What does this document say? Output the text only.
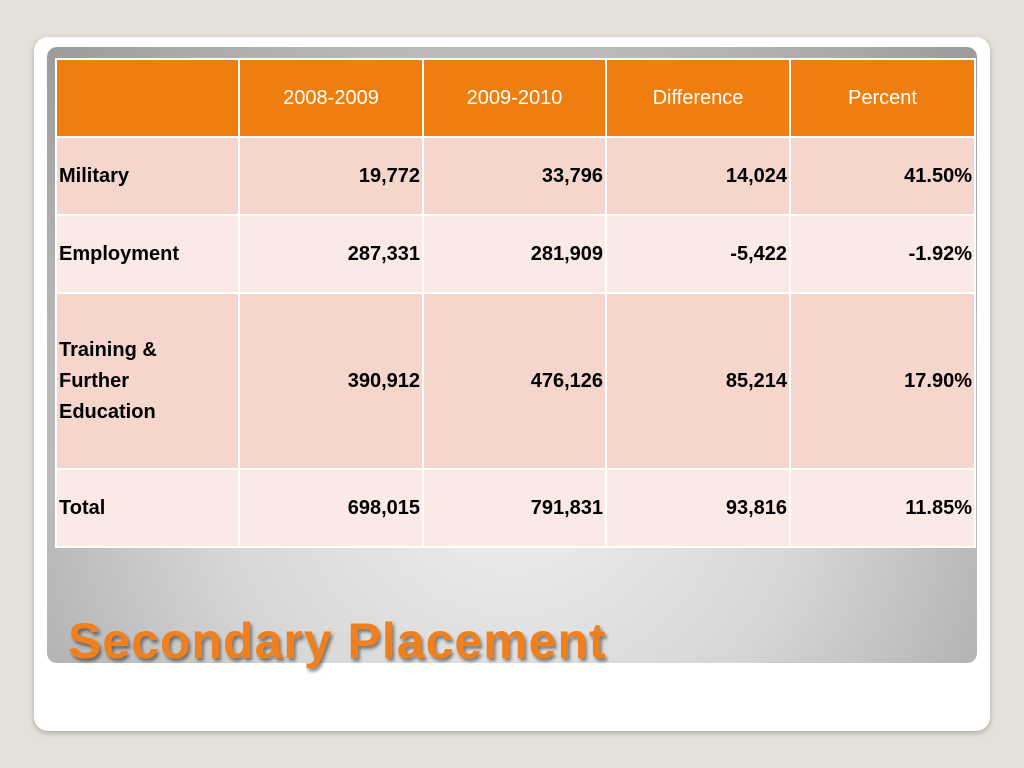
	2008-2009	2009-2010	Difference	Percent
Military	19,772	33,796	14,024	41.50%
Employment	287,331	281,909	-5,422	-1.92%

Training &
Further
Education	390,912	476,126	85,214	17.90%
Total	698,015	791,831	93,816	11.85%
Secondary Placement
